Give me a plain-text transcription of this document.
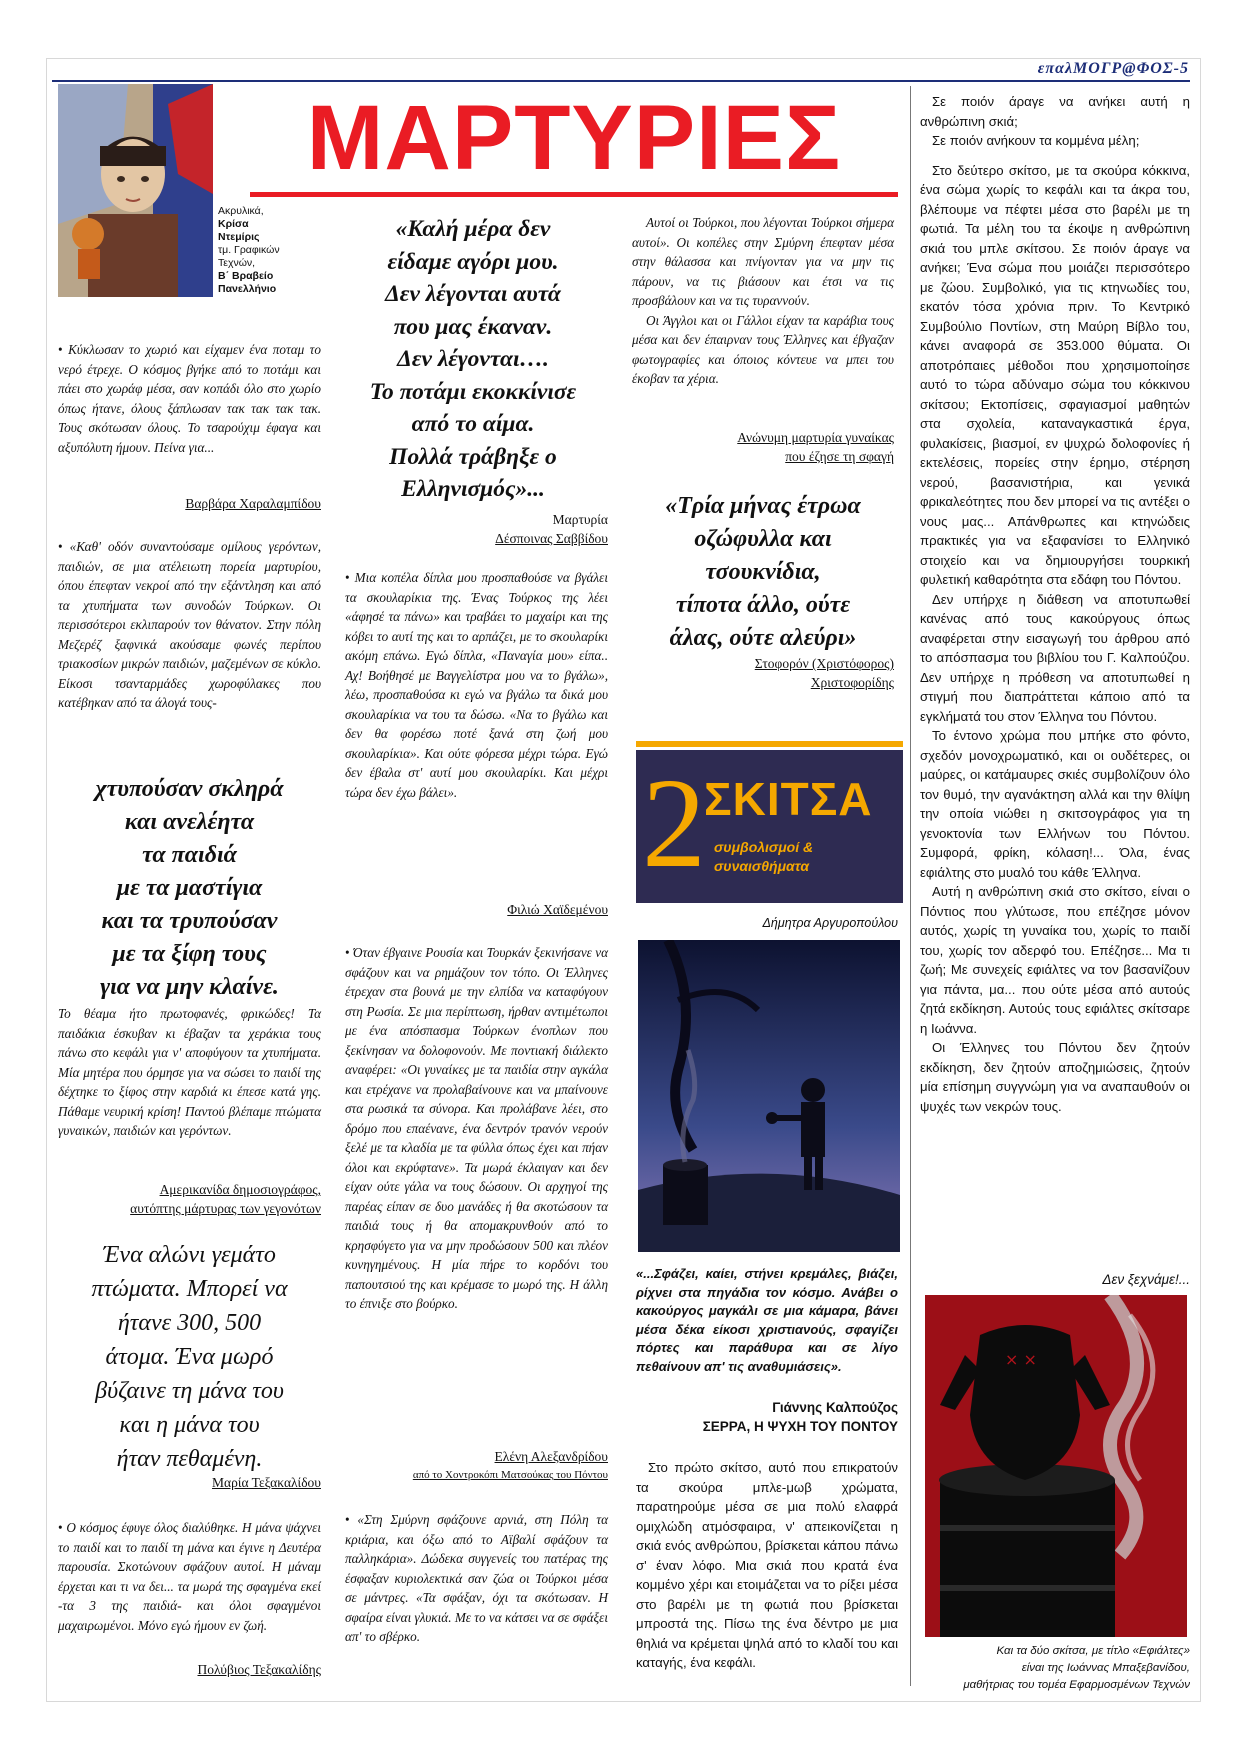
επαλΜΟΓΡ@ΦΟΣ-5
Ακρυλικά,
Κρίσα
Ντεμίρις
τμ. Γραφικών
Τεχνών,
Β΄ Βραβείο
Πανελλήνιο
ΜΑΡΤΥΡΙΕΣ

• Κύκλωσαν το χωριό και είχαμεν ένα ποταμ το νερό έτρεχε. Ο κόσμος βγήκε από το ποτάμι και πάει στο χωράφ μέσα, σαν κοπάδι όλο στο χωρίο όπως ήτανε, όλους ξάπλωσαν τακ τακ τακ τακ. Τους σκότωσαν όλους. Το τσαρούχιμ έφαγα και αξυπόλυτη ήμουν. Πείνα για...

Βαρβάρα Χαραλαμπίδου

• «Καθ' οδόν συναντούσαμε ομίλους γερόντων, παιδιών, σε μια ατέλειωτη πορεία μαρτυρίου, όπου έπεφταν νεκροί από την εξάντληση και από τα χτυπήματα των συνοδών Τούρκων. Οι περισσότεροι εκλιπαρούν τον θάνατον. Στην πόλη Μεζερέζ ξαφνικά ακούσαμε φωνές περίπου τριακοσίων μικρών παιδιών, μαζεμένων σε κύκλο. Είκοσι τσανταρμάδες χωροφύλακες που κατέβηκαν από τα άλογά τους-

χτυπούσαν σκληρά
και ανελέητα
τα παιδιά
με τα μαστίγια
και τα τρυπούσαν
με τα ξίφη τους
για να μην κλαίνε.

Το θέαμα ήτο πρωτοφανές, φρικώδες! Τα παιδάκια έσκυβαν κι έβαζαν τα χεράκια τους πάνω στο κεφάλι για ν' αποφύγουν τα χτυπήματα. Μία μητέρα που όρμησε για να σώσει το παιδί της δέχτηκε το ξίφος στην καρδιά κι έπεσε κατά γης. Πάθαμε νευρική κρίση! Παντού βλέπαμε πτώματα γυναικών, παιδιών και γερόντων.

Αμερικανίδα δημοσιογράφος,
αυτόπτης μάρτυρας των γεγονότων
Ένα αλώνι γεμάτο
πτώματα. Μπορεί να
ήτανε 300, 500
άτομα. Ένα μωρό
βύζαινε τη μάνα του
και η μάνα του
ήταν πεθαμένη.
Μαρία Τεξακαλίδου

• Ο κόσμος έφυγε όλος διαλύθηκε. Η μάνα ψάχνει το παιδί και το παιδί τη μάνα και έγινε η Δευτέρα παρουσία. Σκοτώνουν σφάζουν αυτοί. Η μάναμ έρχεται και τι να δει... τα μωρά της σφαγμένα εκεί -τα 3 της παιδιά- και όλοι σφαγμένοι μαχαιρωμένοι. Μόνο εγώ ήμουν εν ζωή.

Πολύβιος Τεξακαλίδης
«Καλή μέρα δεν
είδαμε αγόρι μου.
Δεν λέγονται αυτά
που μας έκαναν.
Δεν λέγονται….
Το ποτάμι εκοκκίνισε
από το αίμα.
Πολλά τράβηξε ο
Ελληνισμός»...
Μαρτυρία
Δέσποινας Σαββίδου

• Μια κοπέλα δίπλα μου προσπαθούσε να βγάλει τα σκουλαρίκια της. Ένας Τούρκος της λέει «άφησέ τα πάνω» και τραβάει το μαχαίρι και της κόβει το αυτί της και το αρπάζει, με το σκουλαρίκι ακόμη επάνω. Εγώ δίπλα, «Παναγία μου» είπα.. Αχ! Βοήθησέ με Βαγγελίστρα μου να το βγάλω», λέω, προσπαθούσα κι εγώ να βγάλω τα δικά μου σκουλαρίκια να του τα δώσω. «Να το βγάλω και δεν θα φορέσω ποτέ ξανά στη ζωή μου σκουλαρίκια». Και ούτε φόρεσα μέχρι τώρα. Εγώ δεν έβαλα στ' αυτί μου σκουλαρίκι. Και μέχρι τώρα δεν έχω βάλει».

Φιλιώ Χαϊδεμένου

• Όταν έβγαινε Ρουσία και Τουρκάν ξεκινήσανε να σφάζουν και να ρημάζουν τον τόπο. Οι Έλληνες έτρεχαν στα βουνά με την ελπίδα να καταφύγουν στη Ρωσία. Σε μια περίπτωση, ήρθαν αντιμέτωποι με ένα απόσπασμα Τούρκων ένοπλων που ξεκίνησαν να δολοφονούν. Με ποντιακή διάλεκτο αναφέρει: «Οι γυναίκες με τα παιδία στην αγκάλα και ετρέχανε να προλαβαίνουνε και να μπαίνουνε στα ρωσικά τα σύνορα. Και προλάβανε λέει, στο δρόμο που επαένανε, ένα δεντρόν τρανόν νερούν ξελέ με τα κλαδία με τα φύλλα όπως έχει και πήαν όλοι και εκρύφτανε». Τα μωρά έκλαιγαν και δεν είχαν ούτε γάλα να τους δώσουν. Οι αρχηγοί της παρέας είπαν σε δυο μανάδες ή θα σκοτώσουν τα παιδιά τους ή θα απομακρυνθούν από το κρησφύγετο για να μην προδώσουν 500 και πλέον κυνηγημένους. Η μία πήρε το κορδόνι του παπουτσιού της και κρέμασε το μωρό της. Η άλλη το έπνιξε στο βούρκο.

Ελένη Αλεξανδρίδου
από το Χοντροκόπι Ματσούκας του Πόντου

• «Στη Σμύρνη σφάζουνε αρνιά, στη Πόλη τα κριάρια, και όξω από το Αϊβαλί σφάζουν τα παλληκάρια». Δώδεκα συγγενείς του πατέρας της έσφαξαν κυριολεκτικά σαν ζώα οι Τούρκοι μέσα σε μάντρες. «Τα σφάξαν, όχι τα σκότωσαν. Η σφαίρα είναι γλυκιά. Με το να κάτσει να σε σφάξει απ' το σβέρκο.

Αυτοί οι Τούρκοι, που λέγονται Τούρκοι σήμερα αυτοί». Οι κοπέλες στην Σμύρνη έπεφταν μέσα στην θάλασσα και πνίγονταν για να μην τις πάρουν, να τις βιάσουν και έτσι να τις προσβάλουν και να τις τυραννούν.

Οι Άγγλοι και οι Γάλλοι είχαν τα καράβια τους μέσα και δεν έπαιρναν τους Έλληνες και έβγαζαν φωτογραφίες και όποιος κόντευε να μπει του έκοβαν τα χέρια.

Ανώνυμη μαρτυρία γυναίκας
που έζησε τη σφαγή
«Τρία μήνας έτρωα
οζώφυλλα και
τσουκνίδια,
τίποτα άλλο, ούτε
άλας, ούτε αλεύρι»
Στοφορόν (Χριστόφορος)
Χριστοφορίδης
2
ΣΚΙΤΣΑ
συμβολισμοί &
συναισθήματα
Δήμητρα Αργυροπούλου
«...Σφάζει, καίει, στήνει κρεμάλες, βιάζει, ρίχνει στα πηγάδια τον κόσμο. Ανάβει ο κακούργος μαγκάλι σε μια κάμαρα, βάνει μέσα δέκα είκοσι χριστιανούς, σφαγίζει πόρτες και παράθυρα και σε λίγο πεθαίνουν απ' τις αναθυμιάσεις».
Γιάννης Καλπούζος
ΣΕΡΡΑ, Η ΨΥΧΗ ΤΟΥ ΠΟΝΤΟΥ

Στο πρώτο σκίτσο, αυτό που επικρατούν τα σκούρα μπλε-μωβ χρώματα, παρατηρούμε μέσα σε μια πολύ ελαφρά ομιχλώδη ατμόσφαιρα, ν' απεικονίζεται η σκιά ενός ανθρώπου, βρίσκεται κάπου πάνω σ' έναν λόφο. Μια σκιά που κρατά ένα κομμένο χέρι και ετοιμάζεται να το ρίξει μέσα στο βαρέλι με τη φωτιά που βρίσκεται μπροστά της. Πίσω της ένα δέντρο με μια θηλιά να κρέμεται ψηλά από το κλαδί του και καταγής, ένα κεφάλι.

Σε ποιόν άραγε να ανήκει αυτή η ανθρώπινη σκιά;

Σε ποιόν ανήκουν τα κομμένα μέλη;

Στο δεύτερο σκίτσο, με τα σκούρα κόκκινα, ένα σώμα χωρίς το κεφάλι και τα άκρα του, βλέπουμε να πέφτει μέσα στο βαρέλι με τη φωτιά. Τα μέλη του τα έκοψε η ανθρώπινη σκιά του μπλε σκίτσου. Σε ποιόν άραγε να ανήκει; Ένα σώμα που μοιάζει περισσότερο με ζώου. Συμβολικό, για τις κτηνωδίες του, εκατόν τόσα χρόνια πριν. Το Κεντρικό Συμβούλιο Ποντίων, στη Μαύρη Βίβλο του, κάνει αναφορά σε 353.000 θύματα. Οι αποτρόπαιες μέθοδοι που χρησιμοποίησε αυτό το τώρα αδύναμο σώμα του κόκκινου σκίτσου; Εκτοπίσεις, σφαγιασμοί μαθητών στα σχολεία, καταναγκαστικά έργα, φυλακίσεις, βιασμοί, εν ψυχρώ δολοφονίες ή εκτελέσεις, πορείες στην έρημο, στέρηση νερού, βασανιστήρια, και γενικά φρικαλεότητες που δεν μπορεί να τις αντέξει ο νους μας... Απάνθρωπες και κτηνώδεις πρακτικές για να εξαφανίσει το Ελληνικό στοιχείο και να δημιουργήσει τουρκική φυλετική καθαρότητα στα εδάφη του Πόντου.

Δεν υπήρχε η διάθεση να αποτυπωθεί κανένας από τους κακούργους όπως αναφέρεται στην εισαγωγή του άρθρου από το απόσπασμα του βιβλίου του Γ. Καλπούζου. Δεν υπήρχε η πρόθεση να αποτυπωθεί η στιγμή που διαπράττεται κάποιο από τα εγκλήματά του στον Έλληνα του Πόντου.

Το έντονο χρώμα που μπήκε στο φόντο, σχεδόν μονοχρωματικό, και οι ουδέτερες, οι μαύρες, οι κατάμαυρες σκιές συμβολίζουν όλο τον θυμό, την αγανάκτηση αλλά και την θλίψη την οποία νιώθει η σκιτσογράφος για τη γενοκτονία των Ελλήνων του Πόντου. Συμφορά, φρίκη, κόλαση!... Όλα, ένας εφιάλτης στο μυαλό του κάθε Έλληνα.

Αυτή η ανθρώπινη σκιά στο σκίτσο, είναι ο Πόντιος που γλύτωσε, που επέζησε μόνον αυτός, χωρίς τη γυναίκα του, χωρίς το παιδί του, χωρίς τον αδερφό του. Επέζησε... Μα τι ζωή; Με συνεχείς εφιάλτες να τον βασανίζουν για πάντα, μα... που ούτε μέσα από αυτούς ζητά εκδίκηση. Αυτούς τους εφιάλτες σκίτσαρε η Ιωάννα.

Οι Έλληνες του Πόντου δεν ζητούν εκδίκηση, δεν ζητούν αποζημιώσεις, ζητούν μία επίσημη συγγνώμη για να αναπαυθούν οι ψυχές των νεκρών τους.

Δεν ξεχνάμε!...
× ×
Και τα δύο σκίτσα, με τίτλο «Εφιάλτες»
είναι της Ιωάννας Μπαξεβανίδου,
μαθήτριας του τομέα Εφαρμοσμένων Τεχνών
